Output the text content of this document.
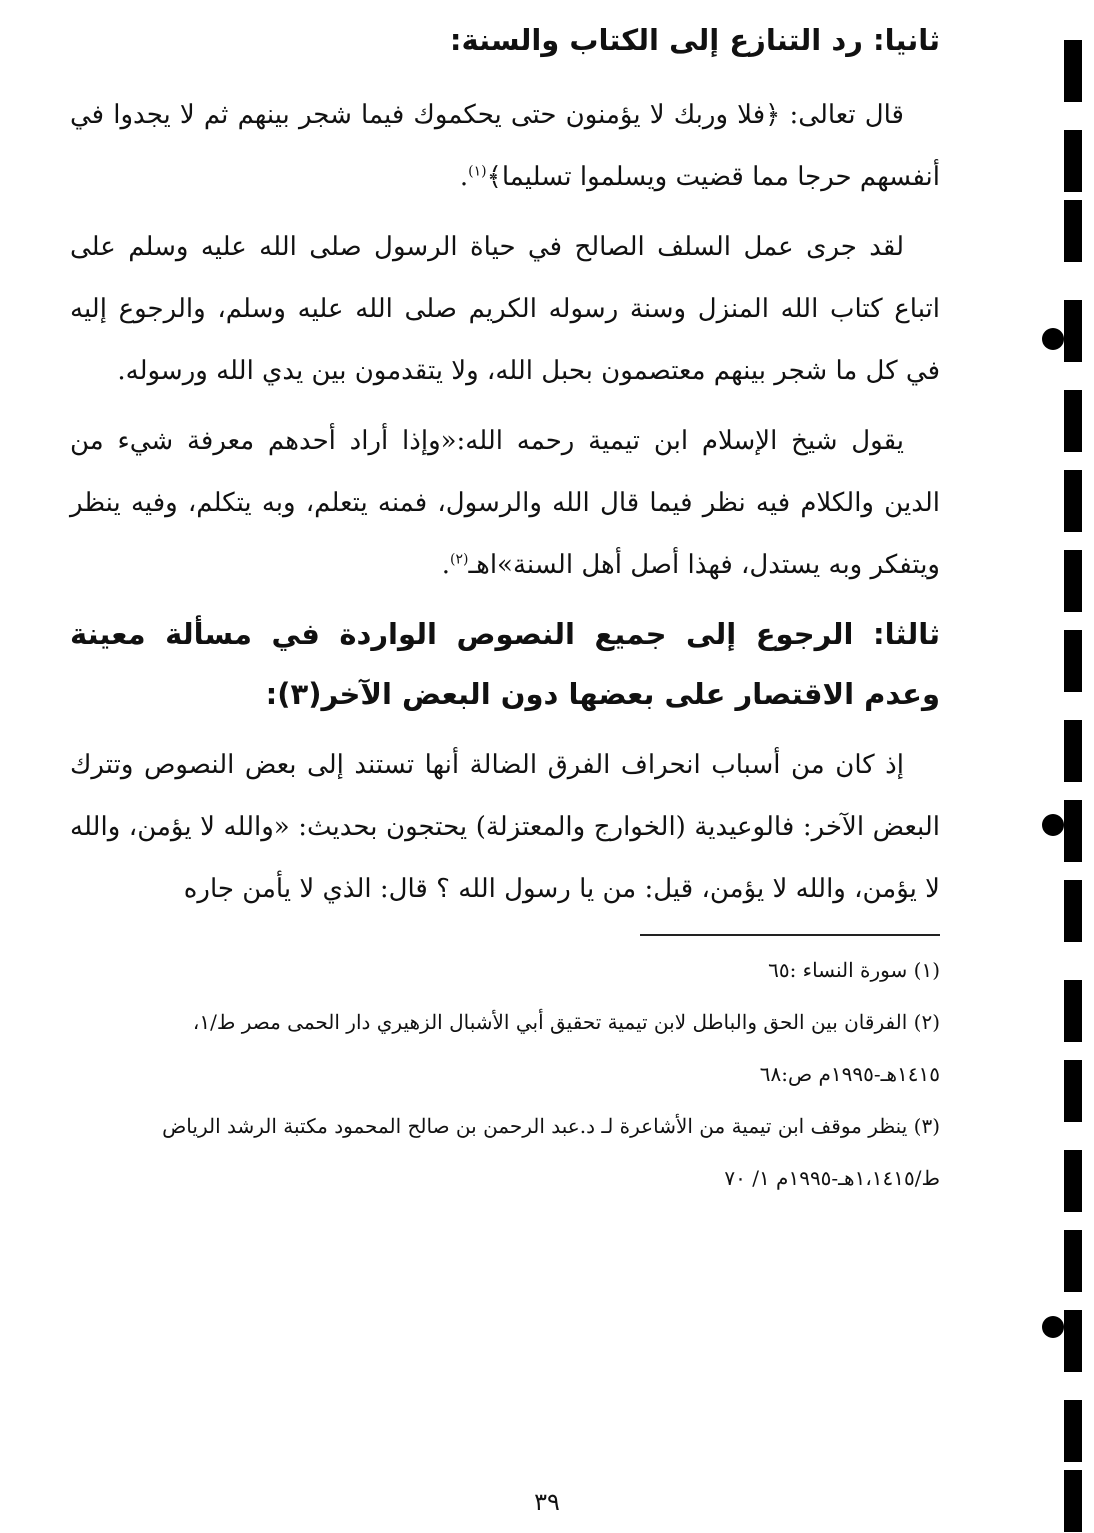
ثانيا: رد التنازع إلى الكتاب والسنة:

قال تعالى: ﴿فلا وربك لا يؤمنون حتى يحكموك فيما شجر بينهم ثم لا يجدوا في أنفسهم حرجا مما قضيت ويسلموا تسليما﴾$^{(١)}$.

لقد جرى عمل السلف الصالح في حياة الرسول صلى الله عليه وسلم على اتباع كتاب الله المنزل وسنة رسوله الكريم صلى الله عليه وسلم، والرجوع إليه في كل ما شجر بينهم معتصمون بحبل الله، ولا يتقدمون بين يدي الله ورسوله.

يقول شيخ الإسلام ابن تيمية رحمه الله:«وإذا أراد أحدهم معرفة شيء من الدين والكلام فيه نظر فيما قال الله والرسول، فمنه يتعلم، وبه يتكلم، وفيه ينظر ويتفكر وبه يستدل، فهذا أصل أهل السنة»اهـ$^{(٢)}$.

ثالثا: الرجوع إلى جميع النصوص الواردة في مسألة معينة وعدم الاقتصار على بعضها دون البعض الآخر(٣):

إذ كان من أسباب انحراف الفرق الضالة أنها تستند إلى بعض النصوص وتترك البعض الآخر: فالوعيدية (الخوارج والمعتزلة) يحتجون بحديث: «والله لا يؤمن، والله لا يؤمن، والله لا يؤمن، قيل: من يا رسول الله ؟ قال: الذي لا يأمن جاره

(١) سورة النساء :٦٥

(٢) الفرقان بين الحق والباطل لابن تيمية تحقيق أبي الأشبال الزهيري دار الحمى مصر ط/١،

١٤١٥هـ-١٩٩٥م ص:٦٨

(٣) ينظر موقف ابن تيمية من الأشاعرة لـ د.عبد الرحمن بن صالح المحمود مكتبة الرشد الرياض

ط/١،١٤١٥هـ-١٩٩٥م ١/ ٧٠

٣٩
